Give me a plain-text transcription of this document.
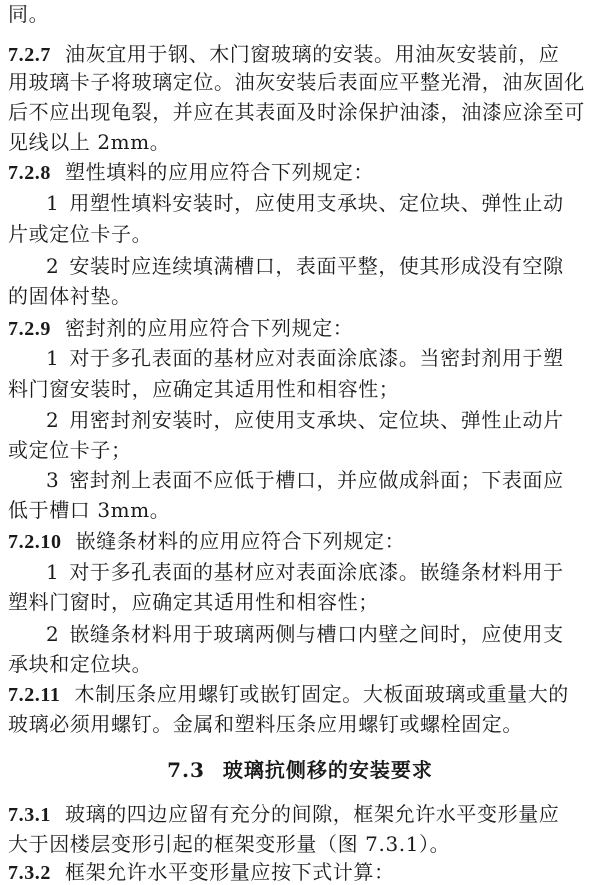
同。
7.2.7 油灰宜用于钢、木门窗玻璃的安装。用油灰安装前，应
用玻璃卡子将玻璃定位。油灰安装后表面应平整光滑，油灰固化
后不应出现龟裂，并应在其表面及时涂保护油漆，油漆应涂至可
见线以上 2mm。
7.2.8 塑性填料的应用应符合下列规定：
1 用塑性填料安装时，应使用支承块、定位块、弹性止动
片或定位卡子。
2 安装时应连续填满槽口，表面平整，使其形成没有空隙
的固体衬垫。
7.2.9 密封剂的应用应符合下列规定：
1 对于多孔表面的基材应对表面涂底漆。当密封剂用于塑
料门窗安装时，应确定其适用性和相容性；
2 用密封剂安装时，应使用支承块、定位块、弹性止动片
或定位卡子；
3 密封剂上表面不应低于槽口，并应做成斜面；下表面应
低于槽口 3mm。
7.2.10 嵌缝条材料的应用应符合下列规定：
1 对于多孔表面的基材应对表面涂底漆。嵌缝条材料用于
塑料门窗时，应确定其适用性和相容性；
2 嵌缝条材料用于玻璃两侧与槽口内壁之间时，应使用支
承块和定位块。
7.2.11 木制压条应用螺钉或嵌钉固定。大板面玻璃或重量大的
玻璃必须用螺钉。金属和塑料压条应用螺钉或螺栓固定。
7.3 玻璃抗侧移的安装要求
7.3.1 玻璃的四边应留有充分的间隙，框架允许水平变形量应
大于因楼层变形引起的框架变形量（图 7.3.1）。
7.3.2 框架允许水平变形量应按下式计算：
